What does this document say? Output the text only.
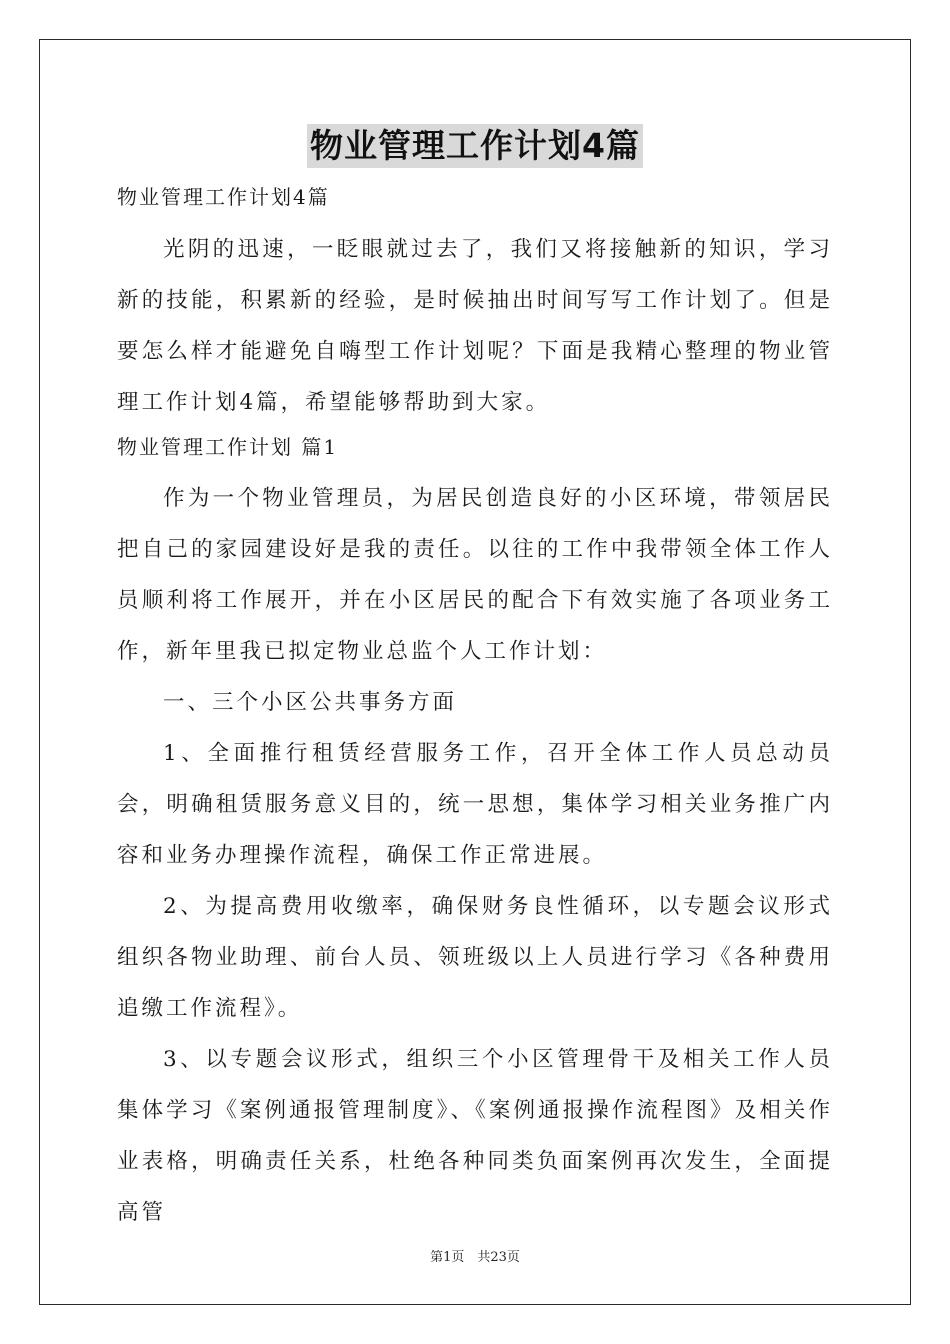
物业管理工作计划4篇
物业管理工作计划4篇

光阴的迅速，一眨眼就过去了，我们又将接触新的知识，学习新的技能，积累新的经验，是时候抽出时间写写工作计划了。但是要怎么样才能避免自嗨型工作计划呢？下面是我精心整理的物业管理工作计划4篇，希望能够帮助到大家。

物业管理工作计划 篇1

作为一个物业管理员，为居民创造良好的小区环境，带领居民把自己的家园建设好是我的责任。以往的工作中我带领全体工作人员顺利将工作展开，并在小区居民的配合下有效实施了各项业务工作，新年里我已拟定物业总监个人工作计划：

一、三个小区公共事务方面

1、全面推行租赁经营服务工作，召开全体工作人员总动员会，明确租赁服务意义目的，统一思想，集体学习相关业务推广内容和业务办理操作流程，确保工作正常进展。

2、为提高费用收缴率，确保财务良性循环，以专题会议形式组织各物业助理、前台人员、领班级以上人员进行学习《各种费用追缴工作流程》。

3、以专题会议形式，组织三个小区管理骨干及相关工作人员集体学习《案例通报管理制度》、《案例通报操作流程图》及相关作业表格，明确责任关系，杜绝各种同类负面案例再次发生，全面提高管

第1页　共23页
